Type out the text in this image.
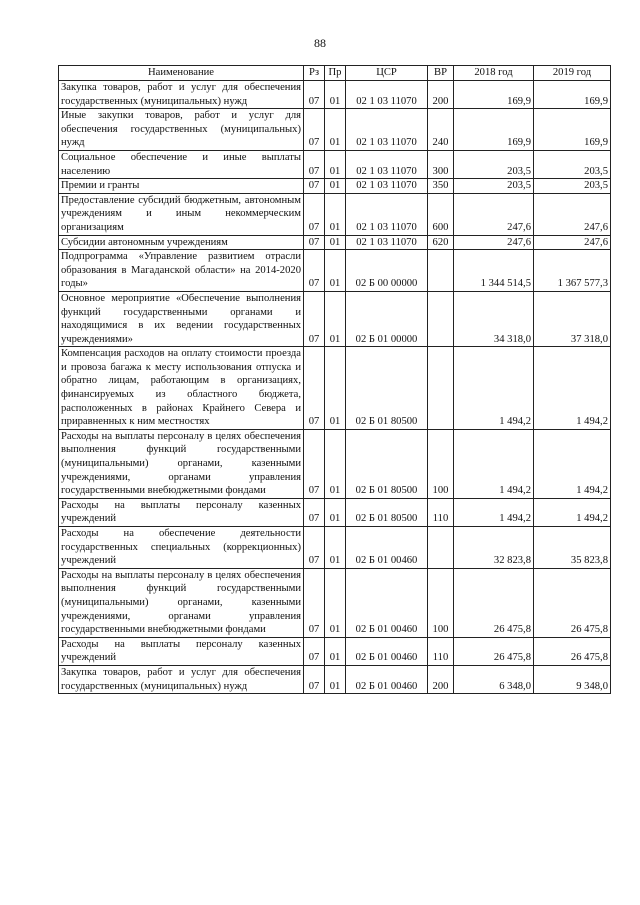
88
Наименование	Рз	Пр	ЦСР	ВР	2018 год	2019 год
Закупка товаров, работ и услуг для обеспечения государственных (муниципальных) нужд	07	01	02 1 03 11070	200	169,9	169,9
Иные закупки товаров, работ и услуг для обеспечения государственных (муниципальных) нужд	07	01	02 1 03 11070	240	169,9	169,9
Социальное обеспечение и иные выплаты населению	07	01	02 1 03 11070	300	203,5	203,5
Премии и гранты	07	01	02 1 03 11070	350	203,5	203,5
Предоставление субсидий бюджетным, автономным учреждениям и иным некоммерческим организациям	07	01	02 1 03 11070	600	247,6	247,6
Субсидии автономным учреждениям	07	01	02 1 03 11070	620	247,6	247,6
Подпрограмма «Управление развитием отрасли образования в Магаданской области» на 2014-2020 годы»	07	01	02 Б 00 00000		1 344 514,5	1 367 577,3
Основное мероприятие «Обеспечение выполнения функций государственными органами и находящимися в их ведении государственных учреждениями»	07	01	02 Б 01 00000		34 318,0	37 318,0
Компенсация расходов на оплату стоимости проезда и провоза багажа к месту использования отпуска и обратно лицам, работающим в организациях, финансируемых из областного бюджета, расположенных в районах Крайнего Севера и приравненных к ним местностях	07	01	02 Б 01 80500		1 494,2	1 494,2
Расходы на выплаты персоналу в целях обеспечения выполнения функций государственными (муниципальными) органами, казенными учреждениями, органами управления государственными внебюджетными фондами	07	01	02 Б 01 80500	100	1 494,2	1 494,2
Расходы на выплаты персоналу казенных учреждений	07	01	02 Б 01 80500	110	1 494,2	1 494,2
Расходы на обеспечение деятельности государственных специальных (коррекционных) учреждений	07	01	02 Б 01 00460		32 823,8	35 823,8
Расходы на выплаты персоналу в целях обеспечения выполнения функций государственными (муниципальными) органами, казенными учреждениями, органами управления государственными внебюджетными фондами	07	01	02 Б 01 00460	100	26 475,8	26 475,8
Расходы на выплаты персоналу казенных учреждений	07	01	02 Б 01 00460	110	26 475,8	26 475,8
Закупка товаров, работ и услуг для обеспечения государственных (муниципальных) нужд	07	01	02 Б 01 00460	200	6 348,0	9 348,0
